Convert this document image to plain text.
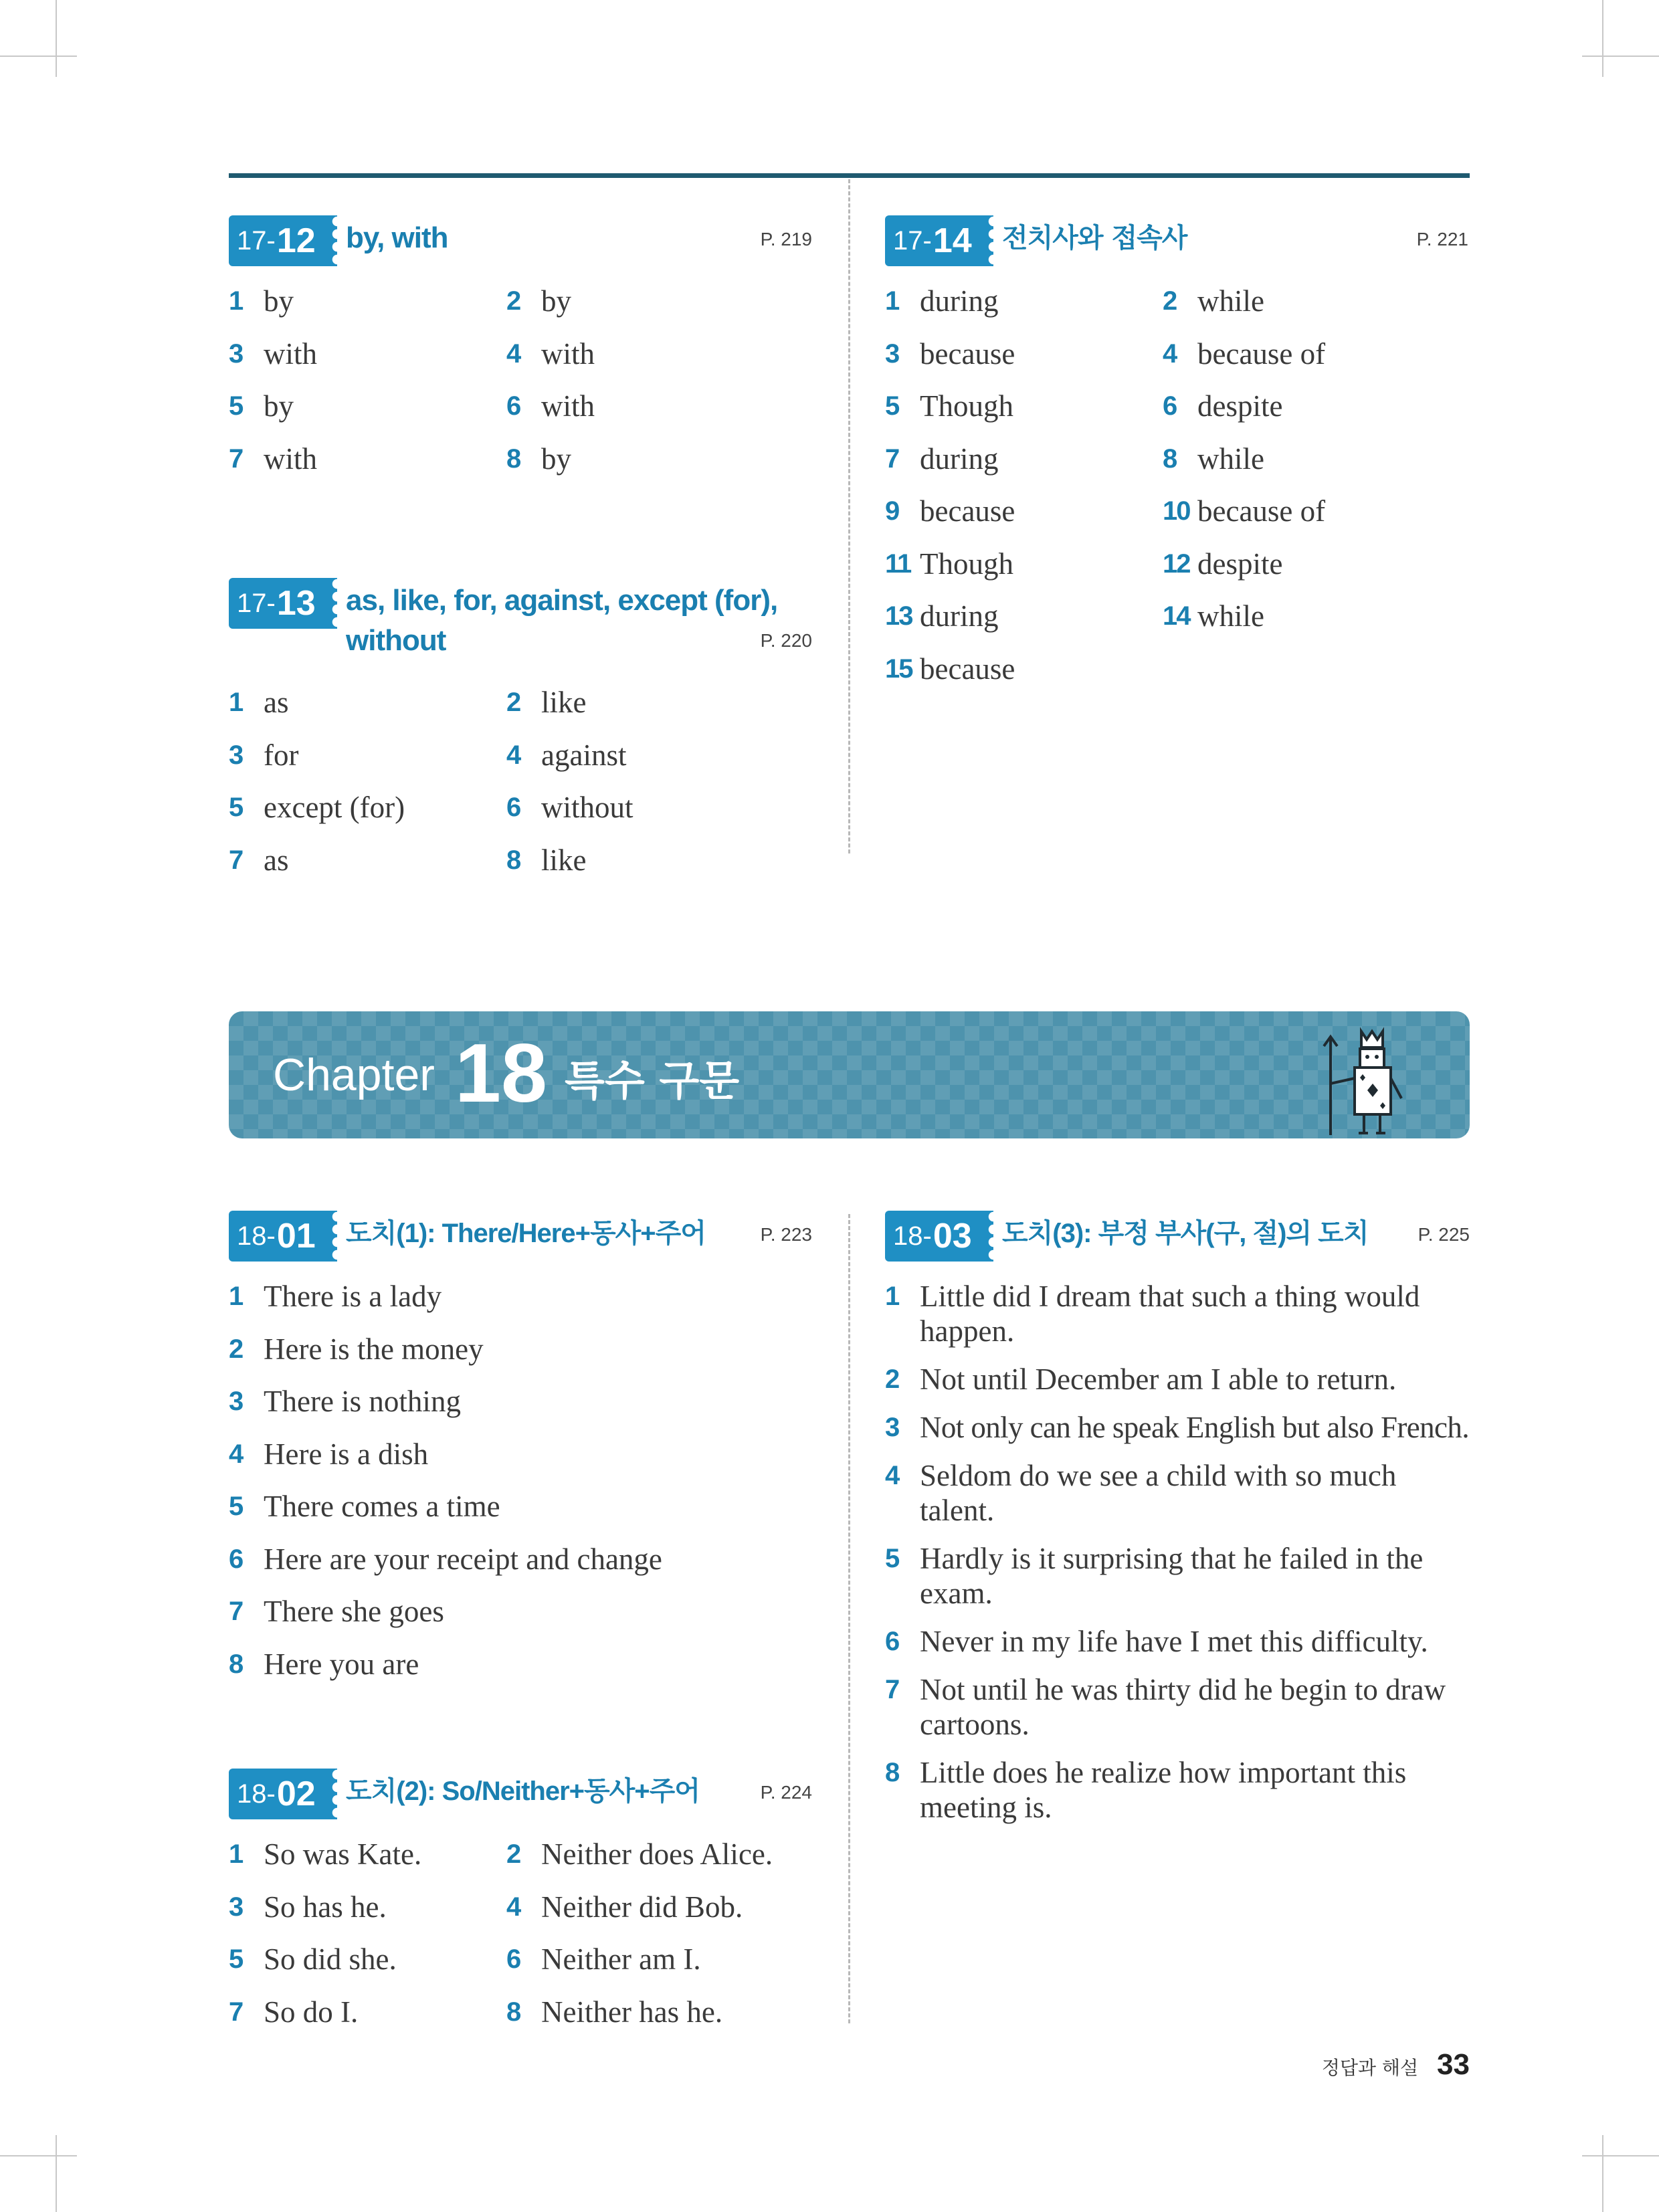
17- 12 by, with	P. 219
1 by	2 by
3 with	4 with
5 by	6 with
7 with	8 by
17- 13 as, like, for, against, except (for),
without	P. 220
1 as	2 like
3 for	4 against
5 except (for)	6 without
7 as	8 like
17- 14 전치사와 접속사	P. 221
1 during	2 while
3 because	4 because of
5 Though	6 despite
7 during	8 while
9 because	10 because of
11 Though	12 despite
13 during	14 while
15 because
Chapter 18 특수 구문
18- 01 도치(1): There/Here+동사+주어	P. 223
1 There is a lady
2 Here is the money
3 There is nothing
4 Here is a dish
5 There comes a time
6 Here are your receipt and change
7 There she goes
8 Here you are
18- 02 도치(2): So/Neither+동사+주어	P. 224
1 So was Kate.	2 Neither does Alice.
3 So has he.	4 Neither did Bob.
5 So did she.	6 Neither am I.
7 So do I.	8 Neither has he.
18- 03 도치(3): 부정 부사(구, 절)의 도치	P. 225
1 Little did I dream that such a thing would happen.
2 Not until December am I able to return.
3 Not only can he speak English but also French.
4 Seldom do we see a child with so much talent.
5 Hardly is it surprising that he failed in the exam.
6 Never in my life have I met this difficulty.
7 Not until he was thirty did he begin to draw cartoons.
8 Little does he realize how important this meeting is.
정답과 해설 33
